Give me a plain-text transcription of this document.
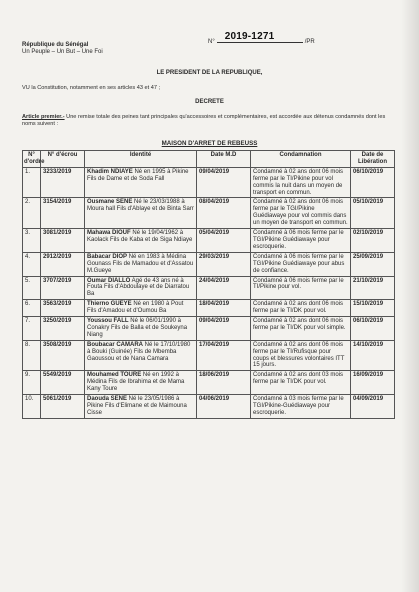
République du Sénégal
Un Peuple – Un But – Une Foi
N° 2019-1271	/PR
LE PRESIDENT DE LA REPUBLIQUE,
VU la Constitution, notamment en ses articles 43 et 47 ;
DECRETE
Article premier.- Une remise totale des peines tant principales qu'accessoires et complémentaires, est accordée aux détenus condamnés dont les noms suivent :
MAISON D'ARRET DE REBEUSS
N° d'ordre	N° d'écrou	Identité	Date M.D	Condamnation	Date de Libération
1.	3233/2019	Khadim NDIAYE Né en 1995 à Pikine Fils de Dame et de Soda Fall	09/04/2019	Condamné à 02 ans dont 06 mois ferme par le TI/Pikine pour vol commis la nuit dans un moyen de transport en commun.	06/10/2019
2.	3154/2019	Ousmane SENE Né le 23/03/1988 à Moura hall Fils d'Ablaye et de Binta Sarr	08/04/2019	Condamné à 02 ans dont 06 mois ferme par le TGI/Pikine Guédiawaye pour vol commis dans un moyen de transport en commun.	05/10/2019
3.	3081/2019	Mahawa DIOUF Né le 19/04/1962 à Kaolack Fils de Kaba et de Siga Ndiaye	05/04/2019	Condamné à 06 mois ferme par le TGI/Pikine Guédiawaye pour escroquerie.	02/10/2019
4.	2912/2019	Babacar DIOP Né en 1983 à Médina Gounass Fils de Mamadou et d'Assatou M.Gueye	29/03/2019	Condamné à 06 mois ferme par le TGI/Pikine Guédiawaye pour abus de confiance.	25/09/2019
5.	3707/2019	Oumar DIALLO Agé de 43 ans né à Fouta Fils d'Abdoulaye et de Diarratou Ba	24/04/2019	Condamné à 06 mois ferme par le TI/Pikine pour vol.	21/10/2019
6.	3563/2019	Thierno GUEYE Né en 1980 à Pout Fils d'Amadou et d'Oumou Ba	18/04/2019	Condamné à 02 ans dont 06 mois ferme par le TI/DK pour vol.	15/10/2019
7.	3250/2019	Youssou FALL Né le 06/01/1990 à Conakry Fils de Balla et de Soukeyna Niang	09/04/2019	Condamné à 02 ans dont 06 mois ferme par le TI/DK pour vol simple.	06/10/2019
8.	3508/2019	Boubacar CAMARA Né le 17/10/1980 à Bouki (Guinée) Fils de Mbemba Gaoussou et de Nana Camara	17/04/2019	Condamné à 02 ans dont 06 mois ferme par le TI/Rufisque pour coups et blessures volontaires ITT 15 jours.	14/10/2019
9.	5549/2019	Mouhamed TOURE Né en 1992 à Médina Fils de Ibrahima et de Mama Kany Toure	18/06/2019	Condamné à 02 ans dont 03 mois ferme par le TI/DK pour vol.	16/09/2019
10.	5061/2019	Daouda SENE Né le 23/05/1986 à Pikine Fils d'Elimane et de Maimouna Cisse	04/06/2019	Condamné à 03 mois ferme par le TGI/Pikine-Guédiawaye pour escroquerie.	04/09/2019
